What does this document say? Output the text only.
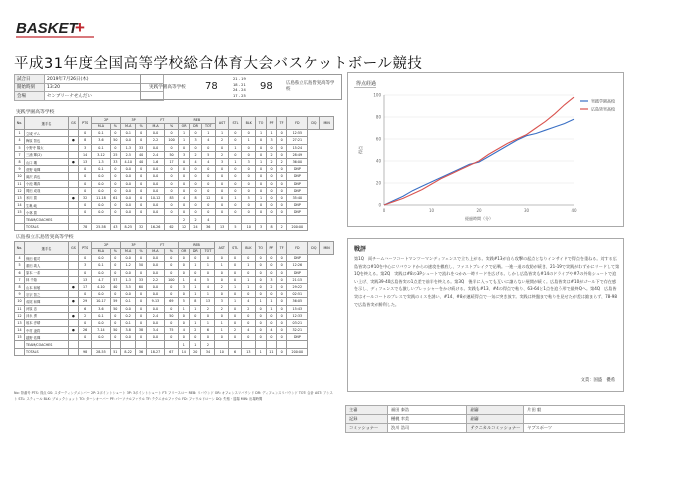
BASKET
+
平成31年度全国高等学校総合体育大会バスケットボール競技
試合日	2019年7月26日(木)
開始時刻	13:20
会場	センブリーナせんだい
実践学園高等学校 78
21 - 19
18 - 21
24 - 24
17 - 25
98	広島県立広島皆実高等学校
実践学園高等学校
No.	選手名	GS	PTS	2P		3P		FT		REB			AST	STL	BLK	TO	PF	TF	FD	DQ	MIN
				M-A	%	M-A	%	M-A	%	OR	DR	TOT									
1	立城 ザム		0	0-1	0	0-1	0	0-0	0	1	0	1	1	0	0	1	1	0	12:55		
4	梅原 智也	●	8	3-6	50	0-0	0	2-2	100	1	3	4	2	0	1	0	3	0	27:21		
5	小野寺 陽太		3	0-1	0	1-3	33	0-0	0	0	0	0	0	1	0	0	0	0	15:24		
7	三浦 輝(2)		14	3-12	25	2-5	40	2-4	50	3	2	5	2	0	0	0	2	0	28:49		
8	山口 颯	●	13	1-3	33	4-10	40	1-6	17	0	4	4	3	1	3	1	2	2	36:00		
9	菅野 竜輝		0	0-1	0	0-0	0	0-0	0	0	0	0	0	0	0	0	0	0	DNP		
10	滝沢 真也		0	0-0	0	0-0	0	0-0	0	0	0	0	0	0	0	0	0	0	DNP		
11	小池 颯真		0	0-0	0	0-0	0	0-0	0	0	0	0	0	0	0	0	0	0	DNP		
12	岡田 成哉		0	0-0	0	0-0	0	0-0	0	0	0	0	0	0	0	0	0	0	DNP		
13	米川 寛	●	32	11-18	61	0-0	0	10-12	83	4	8	12	0	1	5	1	0	0	35:40		
14	生亀 崚		0	0-0	0	0-0	0	0-0	0	0	0	0	0	0	0	0	0	0	DNP		
15	小林 寛		0	0-0	0	0-0	0	0-0	0	0	0	0	0	0	0	0	0	0	DNP		
	TEAM/COACHES									2	2	4									
	TOTALS		78	25-58	43	8-25	32	16-26	62	12	24	36	13	5	10	3	8	2	200:00		
広島県立広島皆実高等学校
No.	選手名	GS	PTS	2P		3P		FT		REB			AST	STL	BLK	TO	PF	TF	FD	DQ	MIN
				M-A	%	M-A	%	M-A	%	OR	DR	TOT									
4	保田 健司		0	0-0	0	0-0	0	0-0	0	0	0	0	0	0	0	0	0	0	DNP		
5	重田 義人		3	0-1	0	1-2	50	0-0	0	0	1	1	1	0	1	0	0	0	12:26		
6	原本 一希		0	0-0	0	0-0	0	0-0	0	0	0	0	0	0	0	0	0	0	DNP		
7	林 千蔭		13	4-7	57	1-3	33	2-2	100	1	4	5	0	0	1	0	3	0	21:15		
8	山本 和敏	●	17	4-10	40	3-5	60	0-0	0	3	1	4	2	1	1	0	2	0	29:22		
9	宗宗 智之		0	0-0	0	0-0	0	0-0	0	0	1	1	0	0	0	0	0	0	02:51		
10	成尾 和輝	●	29	10-17	59	0-1	0	9-13	69	5	8	13	3	1	4	1	1	0	36:05		
11	河原 忠		6	3-6	50	0-0	0	0-0	0	1	1	2	2	0	2	0	1	0	15:43		
12	沖永 勇	●	2	0-1	0	0-2	0	2-4	50	0	0	0	0	0	0	0	0	0	12:33		
13	坂本 淳晴		0	0-0	0	0-1	0	0-0	0	0	1	1	1	0	0	0	0	0	03:21		
14	中村 凌将	●	26	7-14	50	3-8	38	3-4	75	4	2	6	1	2	4	0	4	0	32:21		
15	越野 佑輝		0	0-0	0	0-0	0	0-0	0	0	0	0	0	0	0	0	0	0	DNP		
	TEAM/COACHES									1	1	2									
	TOTALS		98	28-55	51	8-22	36	18-27	67	14	20	34	10	6	13	1	11	0	200:00		
No: 背番号 PTS: 得点 GS: スターティングメンバー 2P: 2ポイントシュート 3P: 3ポイントシュート FT: フリースロー REB: リバウンド OR: オフェンスリバウンド DR: ディフェンスリバウンド TOT: 合計 AST: アシスト STL: スティール BLK: ブロックショット TO: ターンオーバー PF: パーソナルファウル TF: テクニカルファウル FD: ファウルドローン DQ: 失格・退場 MIN: 出場時間
得点経過
0
20
40
60
80
100
0	10	20	30	40
得点
経過時間（分）
実践学園高校
広島皆実高校
戦評
第1Q　両チームハーフコートマンツーマンディフェンスで立ち上がる。実践#13が自ら攻撃の起点となりインサイドで得点を重ねる。対する広島皆実は#10を中心にリバウンドからの速攻を徹底し、ファストブレイクで応戦。一進一退の攻防が続き、21-19で実践がわずかにリードして第1Qを終える。第2Q　実践は#8の3Pシュートで流れをつかみ一時リードを広げる。しかし広島皆実も#14のドライブや#7の外角シュートで追い上げ、実践39-40広島皆実の1点差で前半を終える。第3Q　後半に入っても互いに譲らない展開が続く。広島皆実は#10がゴール下で存在感を示し、ディフェンスでも激しいプレッシャーをかけ続ける。実践も#13、#4の得点で粘り、63-64と1点を追う形で最終Qへ。第4Q　広島皆実はオールコートのプレスで実践のミスを誘い、#14、#8が連続得点で一気に突き放す。実践は終盤まで粘りを見せたが差は縮まらず、78-98で広島皆実が勝利した。
文責：国盛　優希
主審	福田 泰浩	副審	片田 毅
記録	樋桃 幸美	副審	
コミッショナー	渋川 浩司	テクニカルコミッショナー	ヤブスポーツ
